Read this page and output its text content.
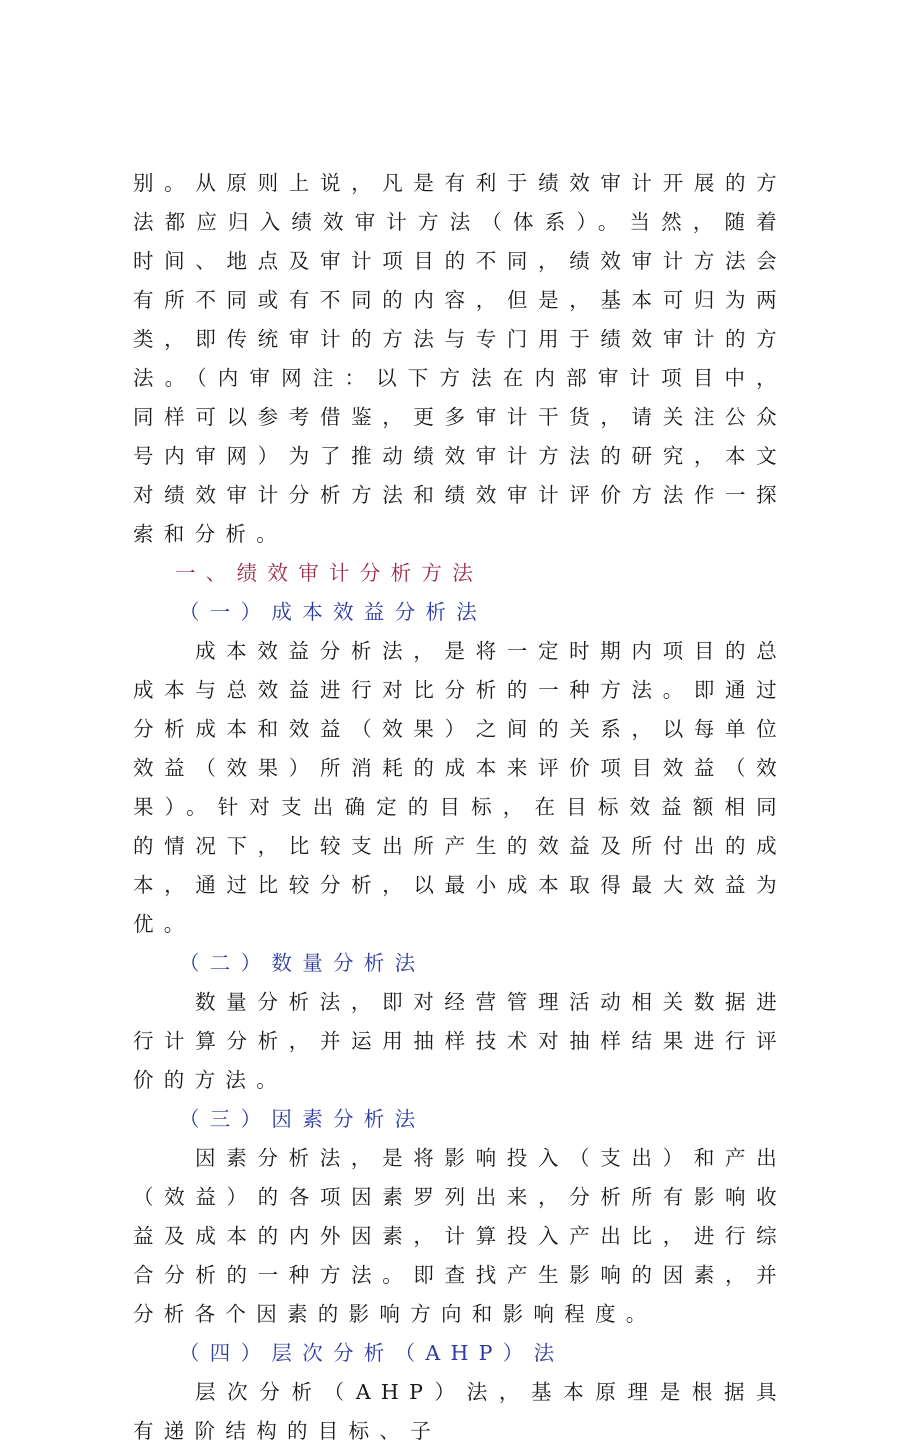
别。从原则上说，凡是有利于绩效审计开展的方法都应归入绩效审计方法（体系）。当然，随着时间、地点及审计项目的不同，绩效审计方法会有所不同或有不同的内容，但是，基本可归为两类，即传统审计的方法与专门用于绩效审计的方法。（内审网注：以下方法在内部审计项目中，同样可以参考借鉴，更多审计干货，请关注公众号内审网）为了推动绩效审计方法的研究，本文对绩效审计分析方法和绩效审计评价方法作一探索和分析。

一、绩效审计分析方法

（一）成本效益分析法

成本效益分析法，是将一定时期内项目的总成本与总效益进行对比分析的一种方法。即通过分析成本和效益（效果）之间的关系，以每单位效益（效果）所消耗的成本来评价项目效益（效果）。针对支出确定的目标，在目标效益额相同的情况下，比较支出所产生的效益及所付出的成本，通过比较分析，以最小成本取得最大效益为优。

（二）数量分析法

数量分析法，即对经营管理活动相关数据进行计算分析，并运用抽样技术对抽样结果进行评价的方法。

（三）因素分析法

因素分析法，是将影响投入（支出）和产出（效益）的各项因素罗列出来，分析所有影响收益及成本的内外因素，计算投入产出比，进行综合分析的一种方法。即查找产生影响的因素，并分析各个因素的影响方向和影响程度。

（四）层次分析（AHP）法

层次分析（AHP）法，基本原理是根据具有递阶结构的目标、子
